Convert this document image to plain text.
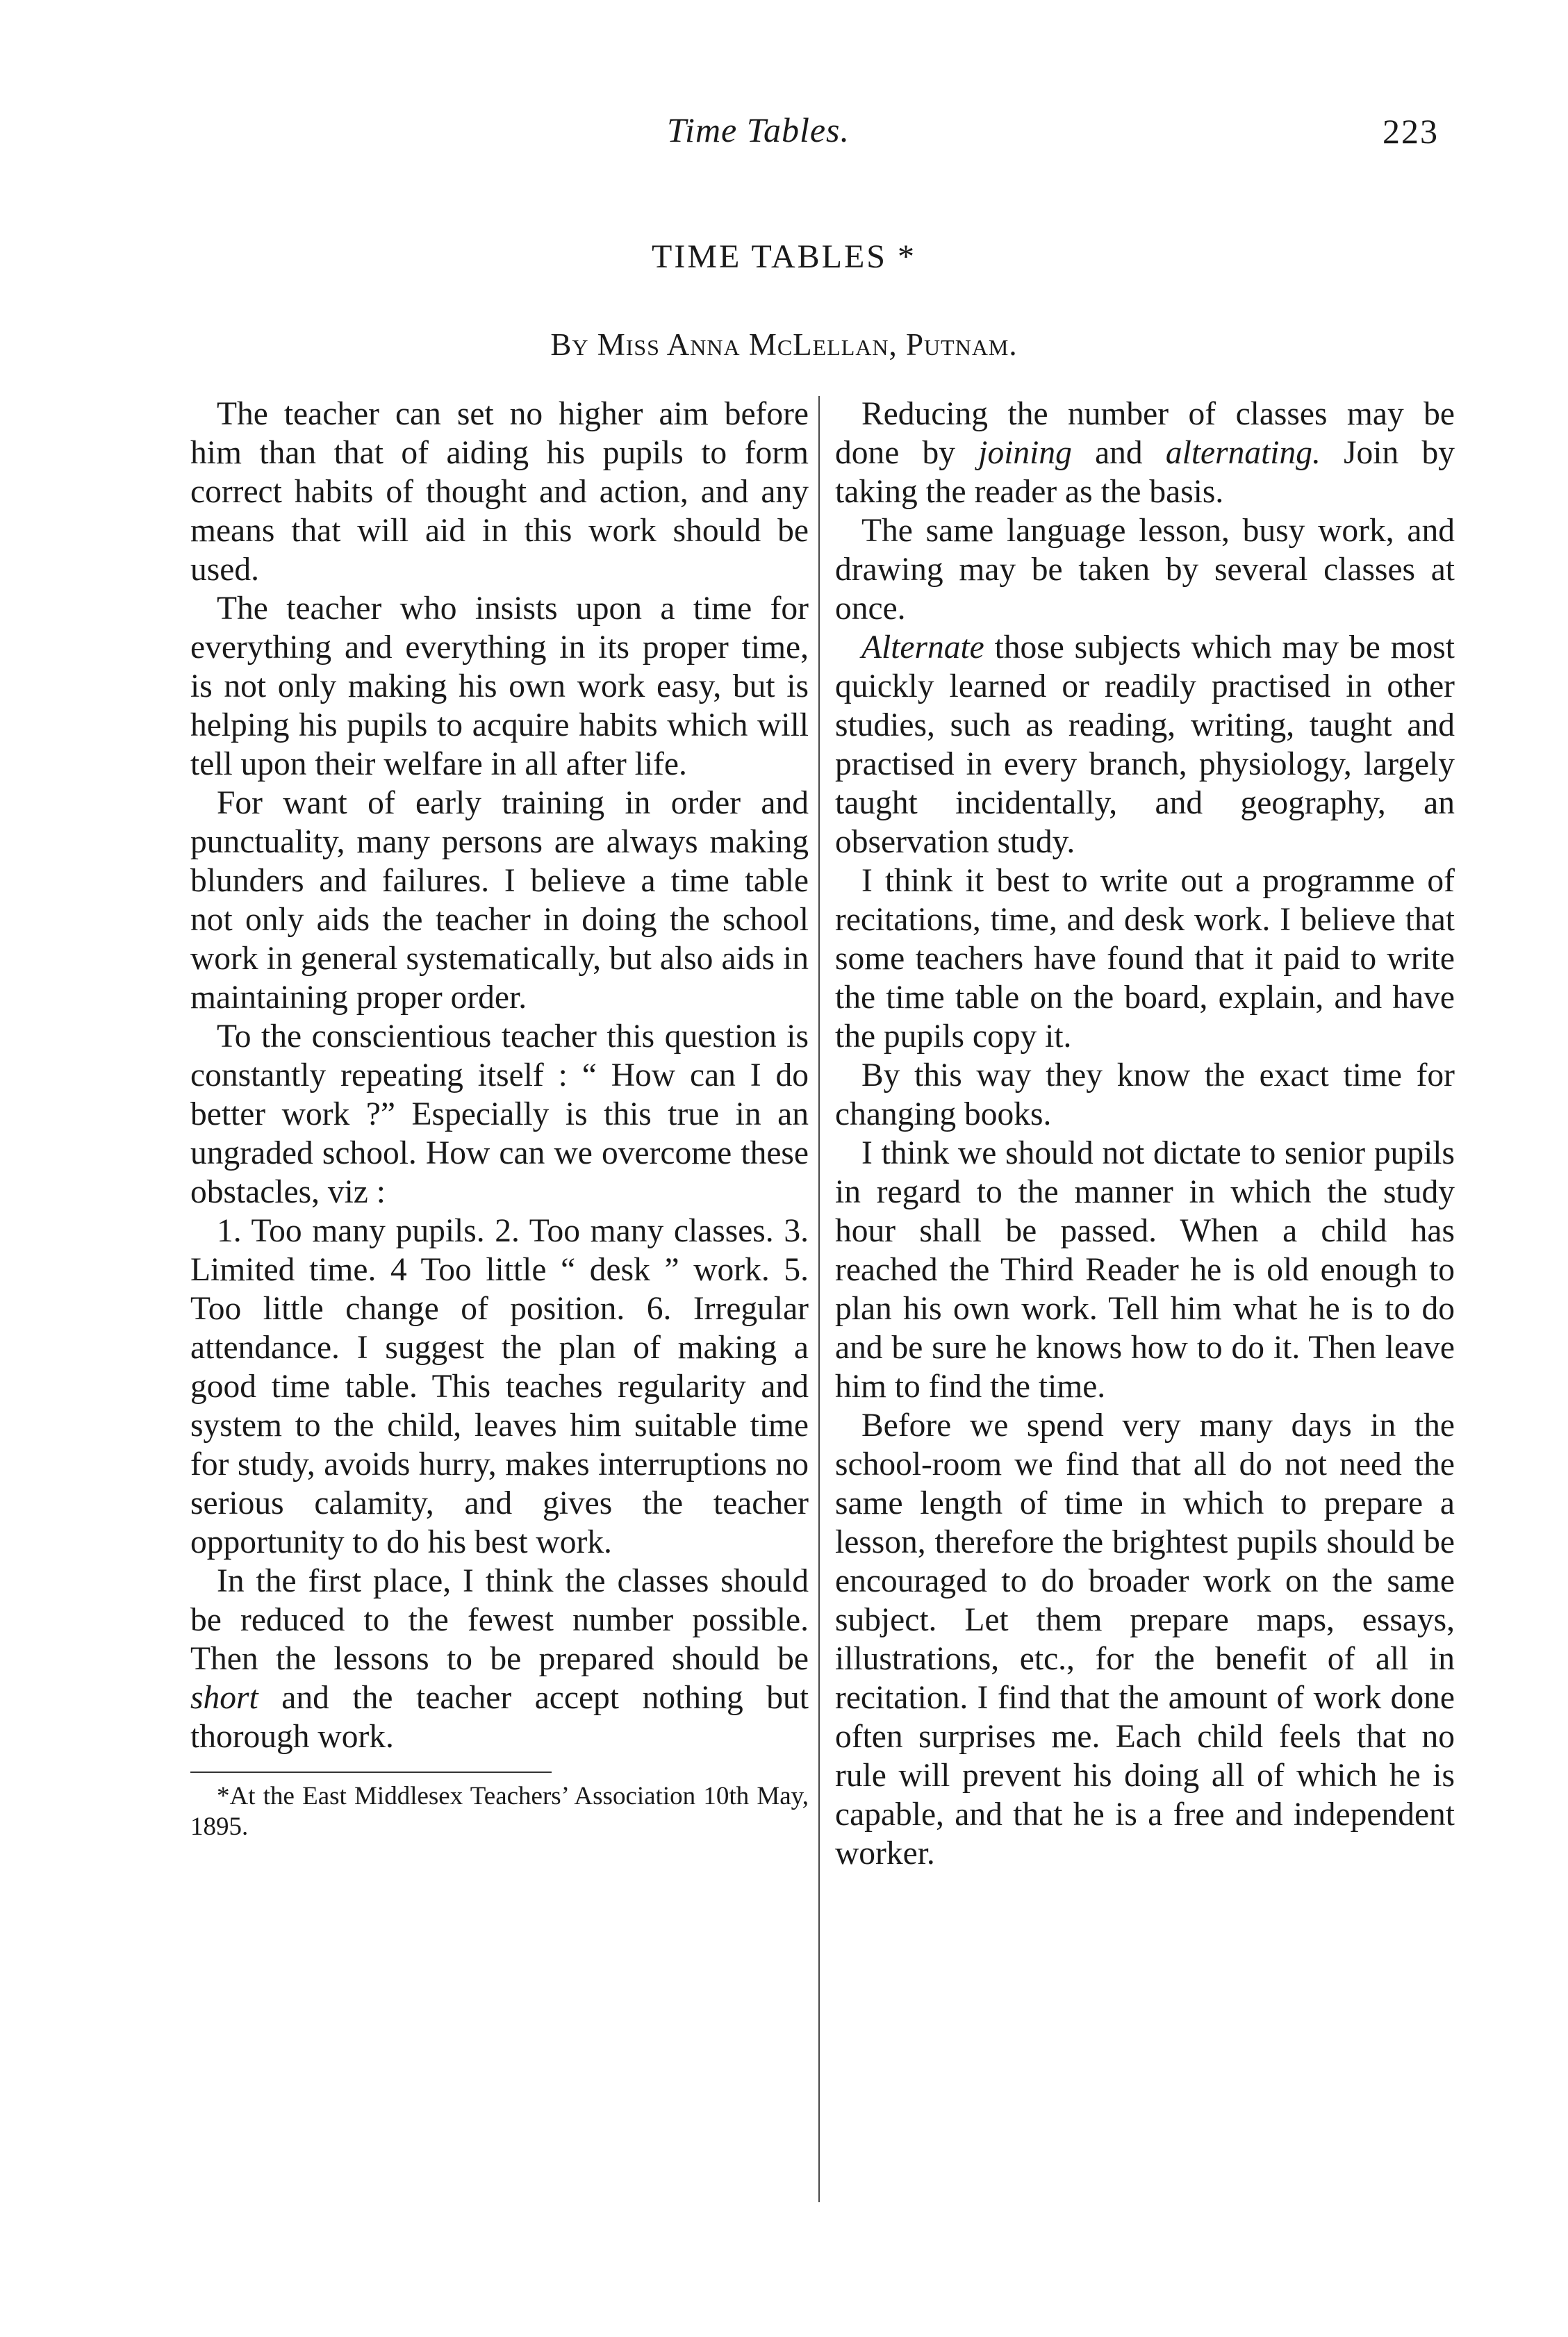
Time Tables.	223
TIME TABLES *
By Miss Anna McLellan, Putnam.

The teacher can set no higher aim before him than that of aiding his pupils to form correct habits of thought and action, and any means that will aid in this work should be used.

The teacher who insists upon a time for everything and everything in its proper time, is not only making his own work easy, but is helping his pupils to acquire habits which will tell upon their welfare in all after life.

For want of early training in order and punctuality, many persons are always making blunders and failures. I believe a time table not only aids the teacher in doing the school work in general systematically, but also aids in maintaining proper order.

To the conscientious teacher this question is constantly repeating itself : “ How can I do better work ?” Especially is this true in an ungraded school. How can we overcome these obstacles, viz :

1. Too many pupils. 2. Too many classes. 3. Limited time. 4 Too little “ desk ” work. 5. Too little change of position. 6. Irregular attendance. I suggest the plan of making a good time table. This teaches regularity and system to the child, leaves him suitable time for study, avoids hurry, makes interruptions no serious calamity, and gives the teacher opportunity to do his best work.

In the first place, I think the classes should be reduced to the fewest number possible. Then the lessons to be prepared should be short and the teacher accept nothing but thorough work.

*At the East Middlesex Teachers’ Association 10th May, 1895.

Reducing the number of classes may be done by joining and alternating. Join by taking the reader as the basis.

The same language lesson, busy work, and drawing may be taken by several classes at once.

Alternate those subjects which may be most quickly learned or readily practised in other studies, such as reading, writing, taught and practised in every branch, physiology, largely taught incidentally, and geography, an observation study.

I think it best to write out a programme of recitations, time, and desk work. I believe that some teachers have found that it paid to write the time table on the board, explain, and have the pupils copy it.

By this way they know the exact time for changing books.

I think we should not dictate to senior pupils in regard to the manner in which the study hour shall be passed. When a child has reached the Third Reader he is old enough to plan his own work. Tell him what he is to do and be sure he knows how to do it. Then leave him to find the time.

Before we spend very many days in the school-room we find that all do not need the same length of time in which to prepare a lesson, therefore the brightest pupils should be encouraged to do broader work on the same subject. Let them prepare maps, essays, illustrations, etc., for the benefit of all in recitation. I find that the amount of work done often surprises me. Each child feels that no rule will prevent his doing all of which he is capable, and that he is a free and independent worker.
